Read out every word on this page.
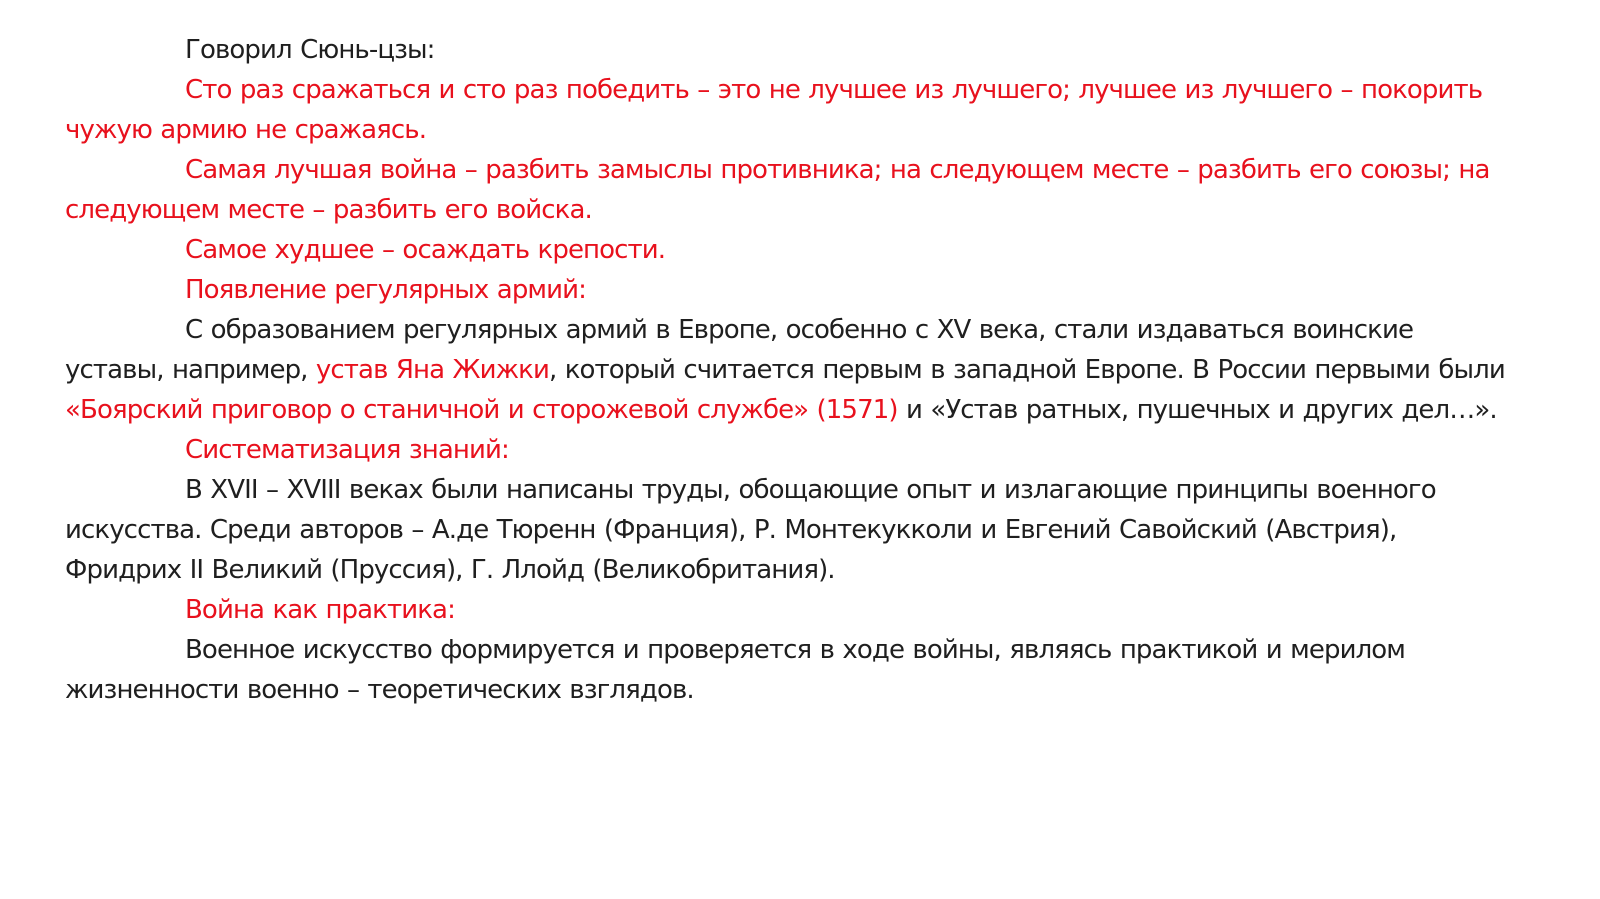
Говорил Сюнь-цзы:

Сто раз сражаться и сто раз победить – это не лучшее из лучшего; лучшее из лучшего – покорить чужую армию не сражаясь.

Самая лучшая война – разбить замыслы противника; на следующем месте – разбить его союзы; на следующем месте – разбить его войска.

Самое худшее – осаждать крепости.

Появление регулярных армий:

С образованием регулярных армий в Европе, особенно с XV века, стали издаваться воинские уставы, например, устав Яна Жижки, который считается первым в западной Европе. В России первыми были «Боярский приговор о станичной и сторожевой службе» (1571) и «Устав ратных, пушечных и других дел…».

Систематизация знаний:

В XVII – XVIII веках были написаны труды, обощающие опыт и излагающие принципы военного искусства. Среди авторов – А.де Тюренн (Франция), Р. Монтекукколи и Евгений Савойский (Австрия), Фридрих II Великий (Пруссия), Г. Ллойд (Великобритания).

Война как практика:

Военное искусство формируется и проверяется в ходе войны, являясь практикой и мерилом жизненности военно – теоретических взглядов.
